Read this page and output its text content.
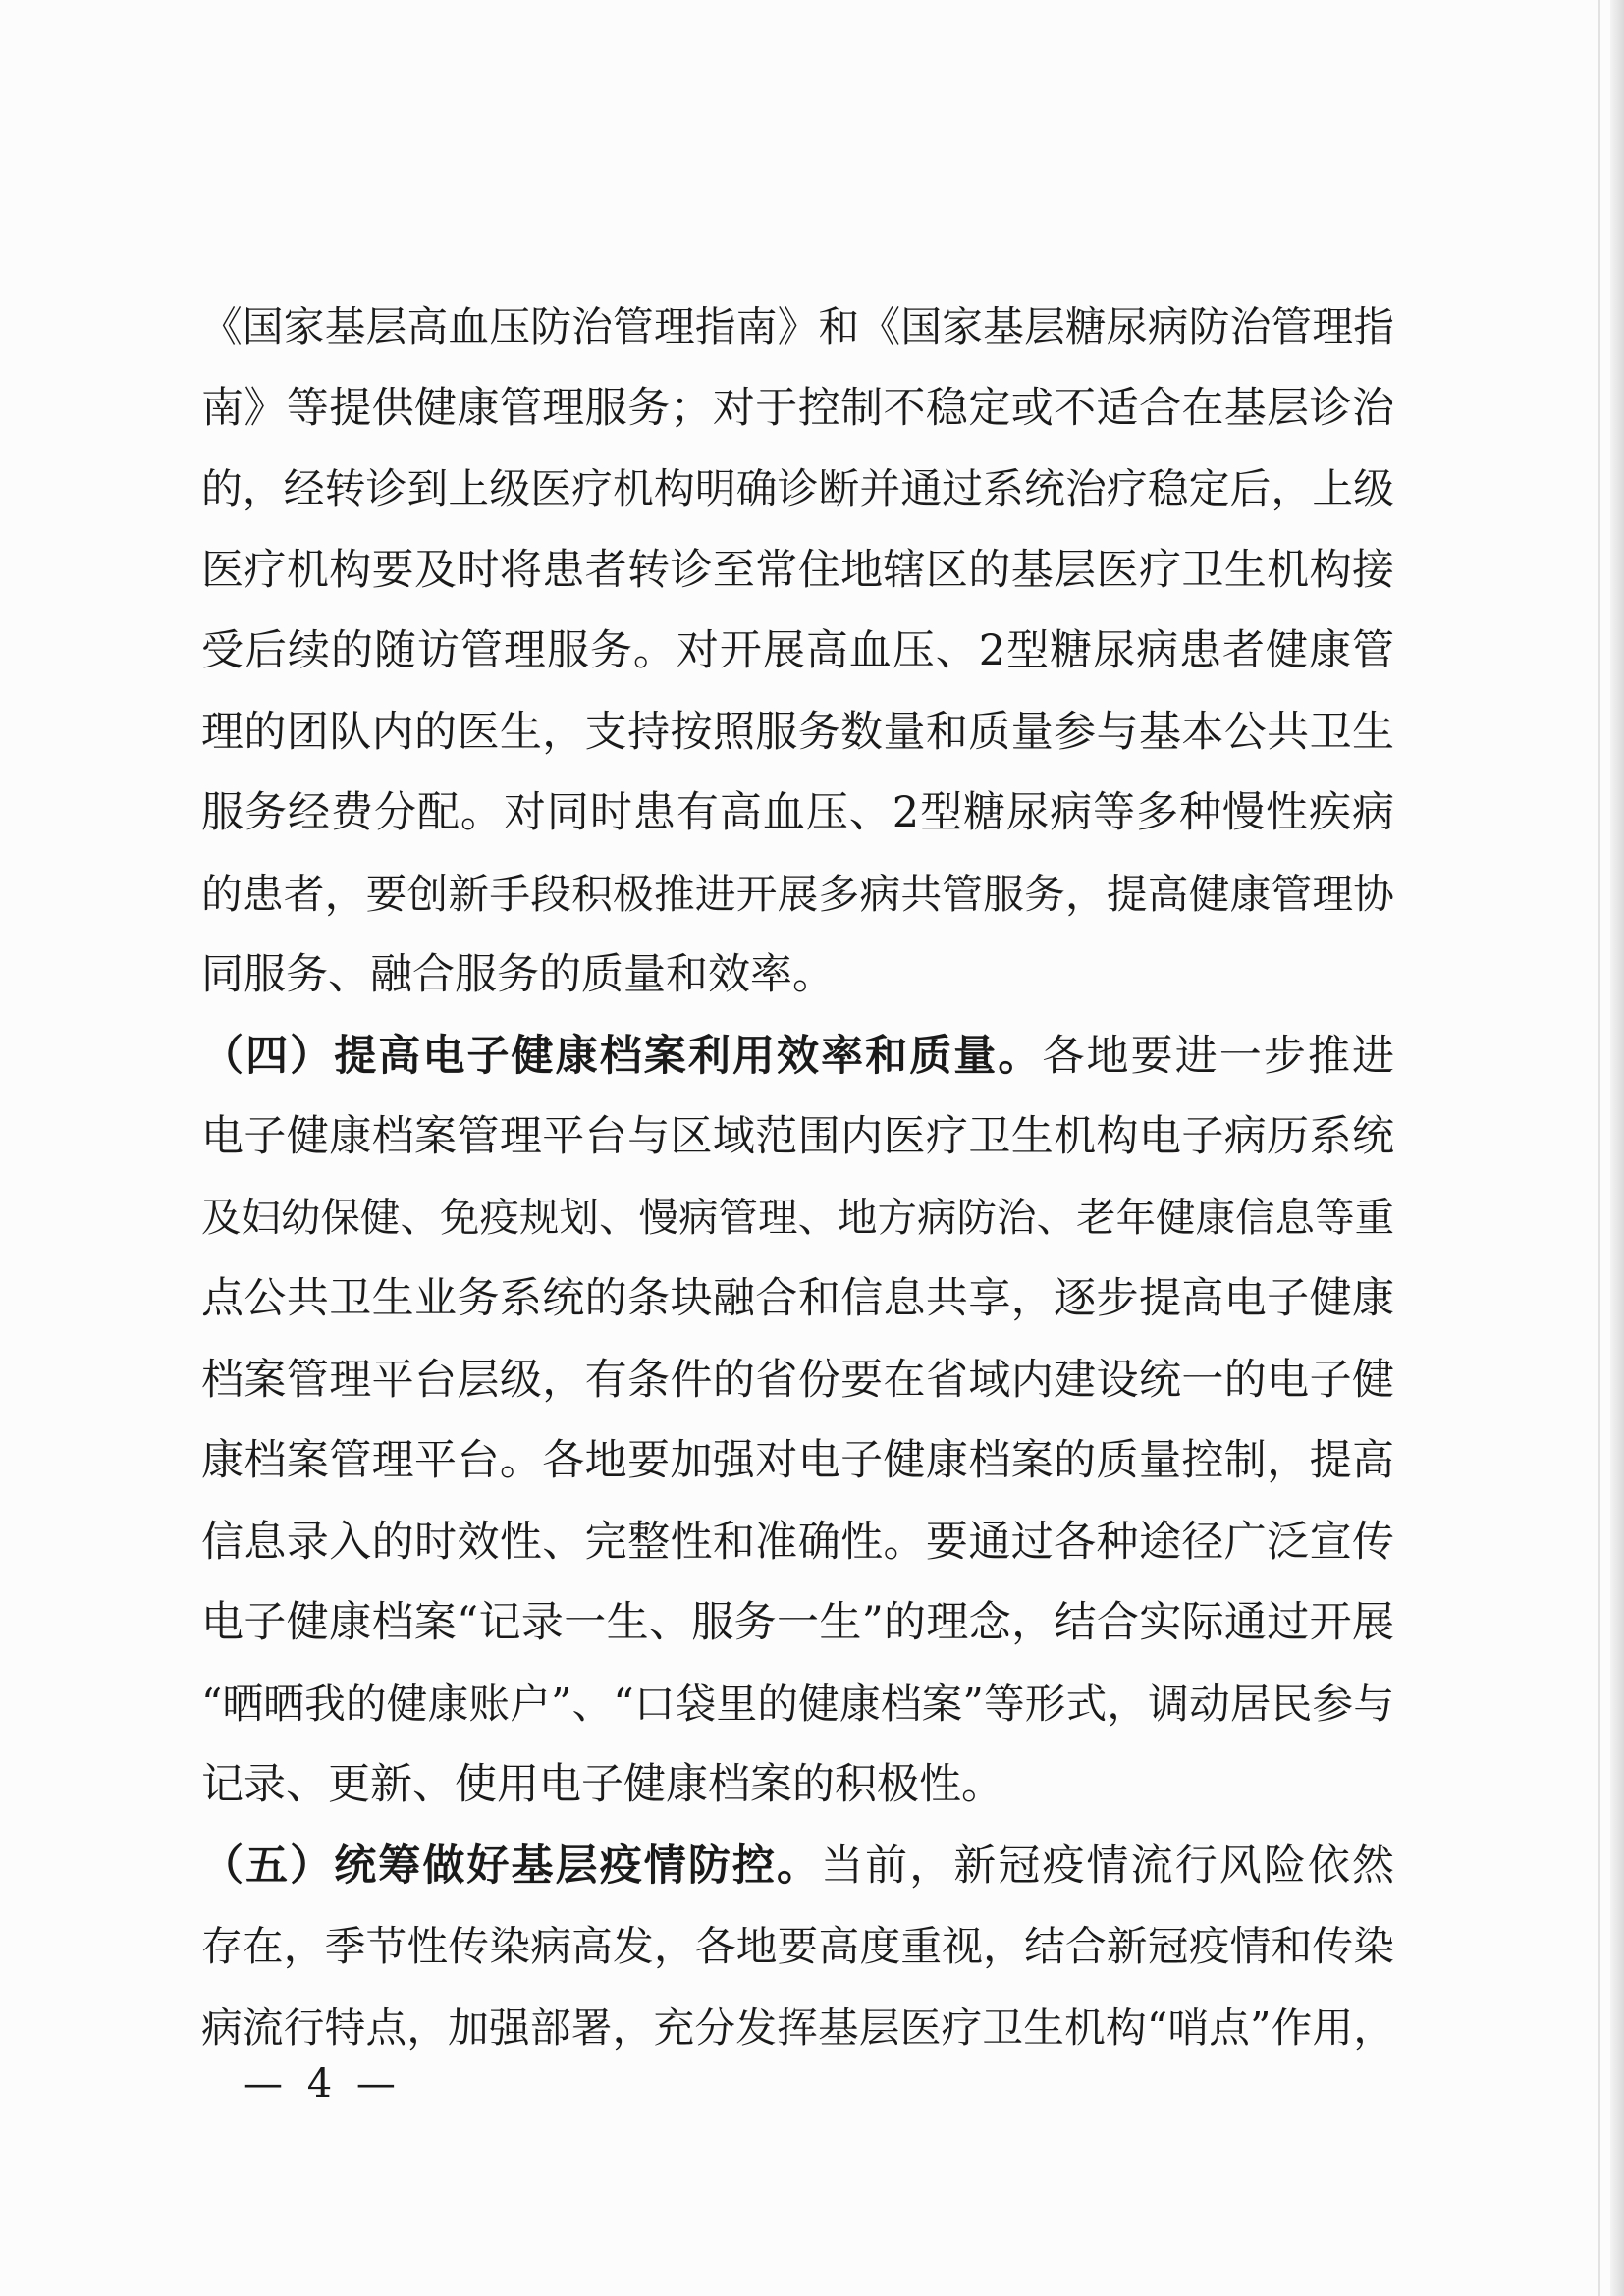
《国家基层高血压防治管理指南》和《国家基层糖尿病防治管理指
南》等提供健康管理服务；对于控制不稳定或不适合在基层诊治
的，经转诊到上级医疗机构明确诊断并通过系统治疗稳定后，上级
医疗机构要及时将患者转诊至常住地辖区的基层医疗卫生机构接
受后续的随访管理服务。对开展高血压、2型糖尿病患者健康管
理的团队内的医生，支持按照服务数量和质量参与基本公共卫生
服务经费分配。对同时患有高血压、2型糖尿病等多种慢性疾病
的患者，要创新手段积极推进开展多病共管服务，提高健康管理协
同服务、融合服务的质量和效率。
（四）提高电子健康档案利用效率和质量。各地要进一步推进
电子健康档案管理平台与区域范围内医疗卫生机构电子病历系统
及妇幼保健、免疫规划、慢病管理、地方病防治、老年健康信息等重
点公共卫生业务系统的条块融合和信息共享，逐步提高电子健康
档案管理平台层级，有条件的省份要在省域内建设统一的电子健
康档案管理平台。各地要加强对电子健康档案的质量控制，提高
信息录入的时效性、完整性和准确性。要通过各种途径广泛宣传
电子健康档案“记录一生、服务一生”的理念，结合实际通过开展
“晒晒我的健康账户”、“口袋里的健康档案”等形式，调动居民参与
记录、更新、使用电子健康档案的积极性。
（五）统筹做好基层疫情防控。当前，新冠疫情流行风险依然
存在，季节性传染病高发，各地要高度重视，结合新冠疫情和传染
病流行特点，加强部署，充分发挥基层医疗卫生机构“哨点”作用，
— 4 —
